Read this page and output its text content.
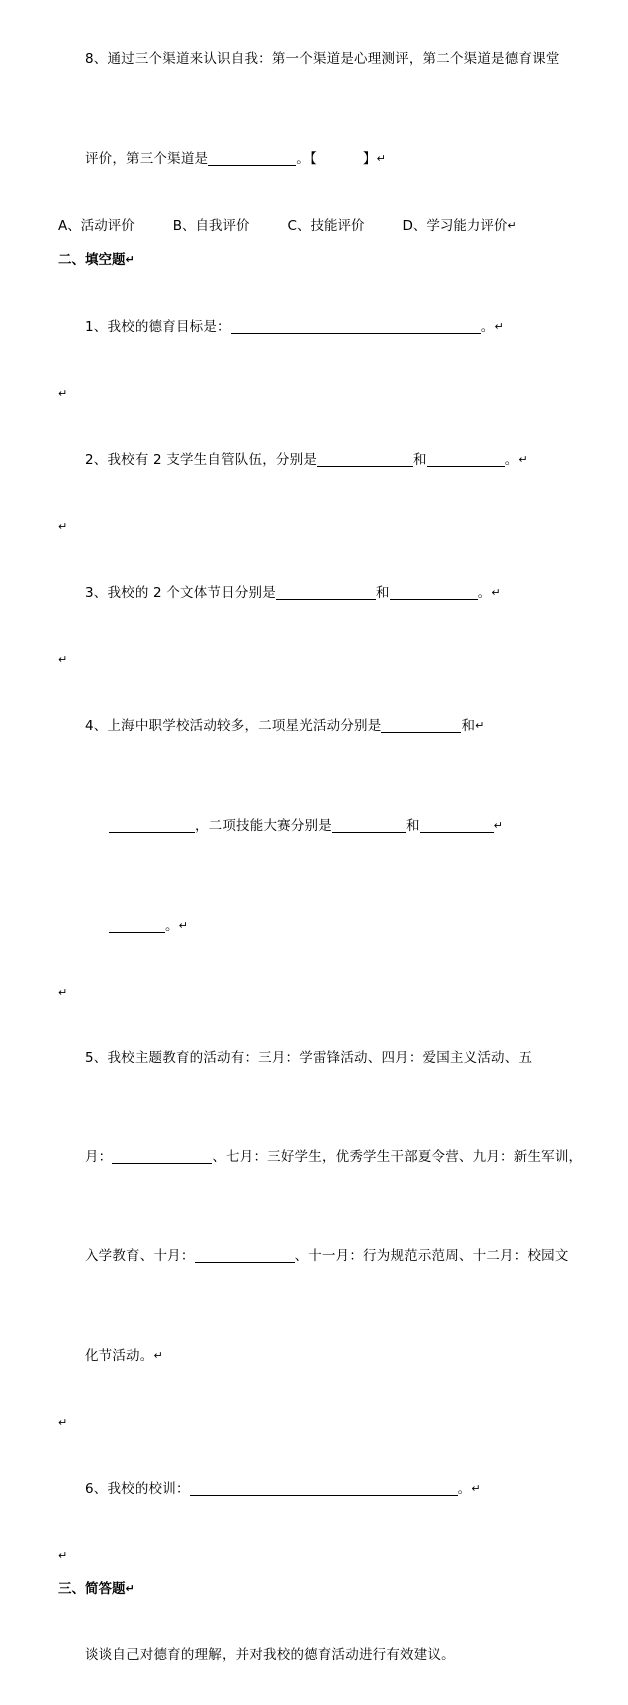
8、通过三个渠道来认识自我：第一个渠道是心理测评，第二个渠道是德育课堂

评价，第三个渠道是	。【	】↵

A、活动评价	B、自我评价	C、技能评价	D、学习能力评价↵
二、填空题↵

1、我校的德育目标是：	。↵

↵

2、我校有 2 支学生自管队伍，分别是	和	。↵

↵

3、我校的 2 个文体节日分别是	和	。↵

↵

4、上海中职学校活动较多，二项星光活动分别是	和↵

，二项技能大赛分别是	和	↵

。↵

↵

5、我校主题教育的活动有：三月：学雷锋活动、四月：爱国主义活动、五

月：	、七月：三好学生，优秀学生干部夏令营、九月：新生军训，

入学教育、十月：	、十一月：行为规范示范周、十二月：校园文

化节活动。↵

↵

6、我校的校训：	。↵

↵
三、简答题↵

谈谈自己对德育的理解，并对我校的德育活动进行有效建议。
